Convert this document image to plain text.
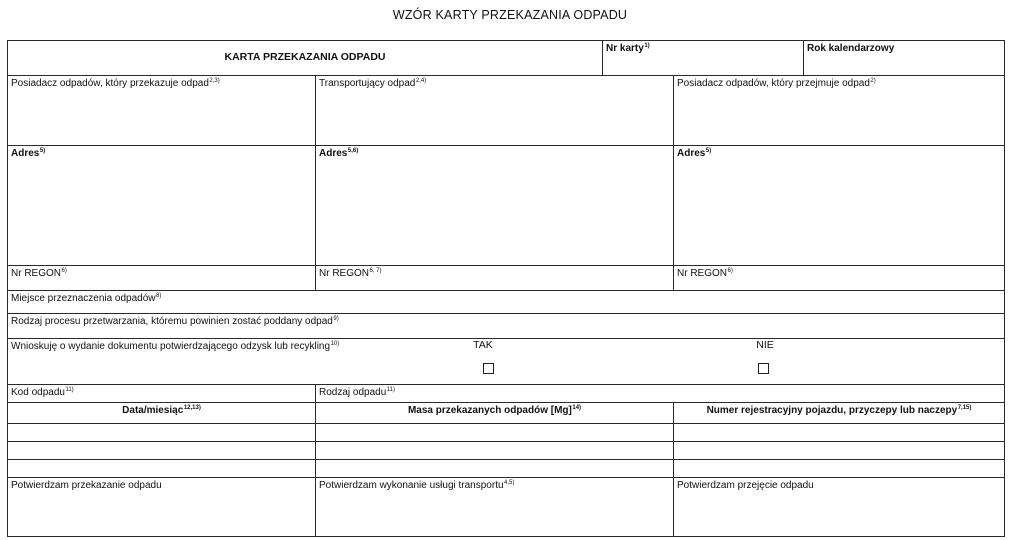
WZÓR KARTY PRZEKAZANIA ODPADU
KARTA PRZEKAZANIA ODPADU
Nr karty$^{1)}$	Rok kalendarzowy
Posiadacz odpadów, który przekazuje odpad$^{2,3)}$	Transportujący odpad$^{2,4)}$	Posiadacz odpadów, który przejmuje odpad$^{2)}$
Adres$^{5)}$	Adres$^{5,6)}$	Adres$^{5)}$
Nr REGON$^{6)}$	Nr REGON$^{6, 7)}$	Nr REGON$^{6)}$
Miejsce przeznaczenia odpadów$^{8)}$
Rodzaj procesu przetwarzania, któremu powinien zostać poddany odpad$^{9)}$
Wnioskuję o wydanie dokumentu potwierdzającego odzysk lub recykling$^{10)}$	TAK	NIE
Kod odpadu$^{11)}$	Rodzaj odpadu$^{11)}$
Data/miesiąc$^{12,13)}$	Masa przekazanych odpadów $[Mg]^{14)}$	Numer rejestracyjny pojazdu, przyczepy lub naczepy$^{7,15)}$
Potwierdzam przekazanie odpadu	Potwierdzam wykonanie usługi transportu$^{4,5)}$	Potwierdzam przejęcie odpadu
